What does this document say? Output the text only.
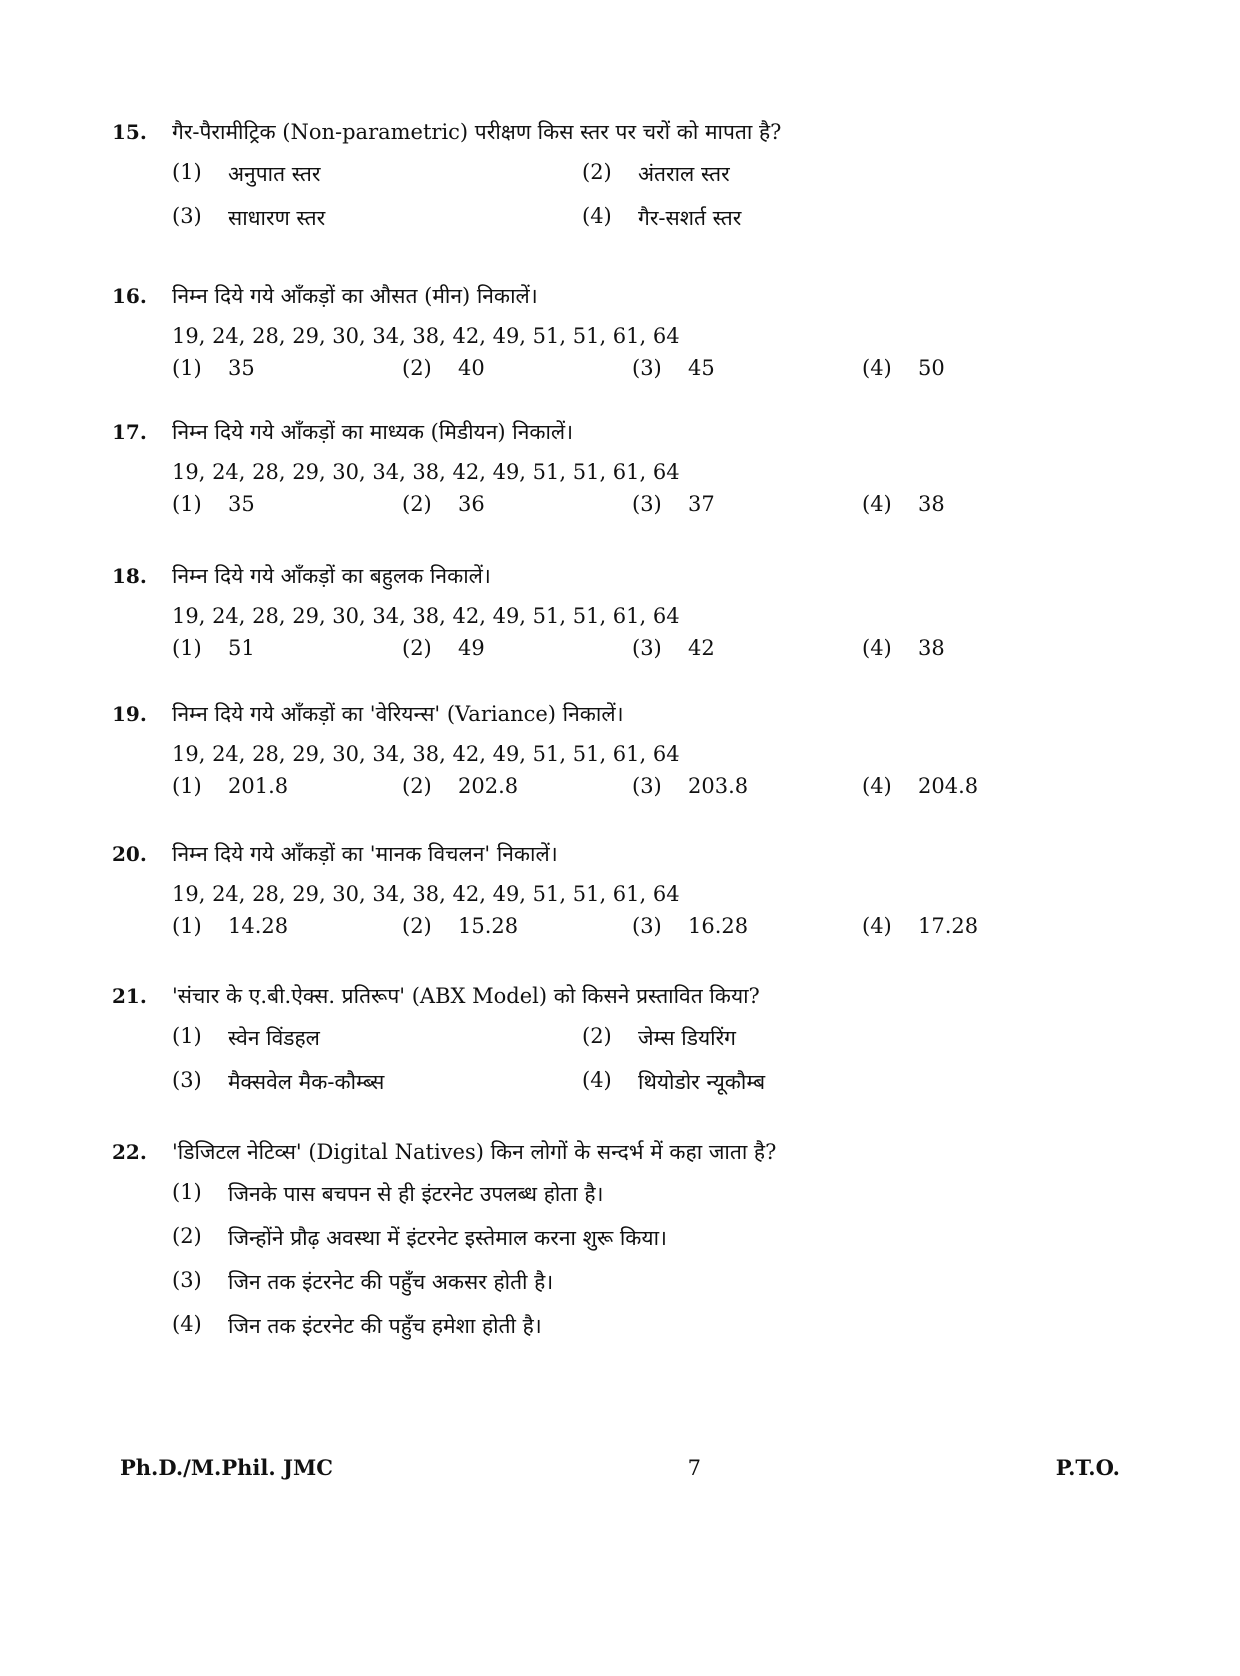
15.	गैर-पैरामीट्रिक (Non-parametric) परीक्षण किस स्तर पर चरों को मापता है?
(1)	अनुपात स्तर	(2)	अंतराल स्तर
(3)	साधारण स्तर	(4)	गैर-सशर्त स्तर
16.	निम्न दिये गये आँकड़ों का औसत (मीन) निकालें।
19, 24, 28, 29, 30, 34, 38, 42, 49, 51, 51, 61, 64
(1)	35	(2)	40	(3)	45	(4)	50
17.	निम्न दिये गये आँकड़ों का माध्यक (मिडीयन) निकालें।
19, 24, 28, 29, 30, 34, 38, 42, 49, 51, 51, 61, 64
(1)	35	(2)	36	(3)	37	(4)	38
18.	निम्न दिये गये आँकड़ों का बहुलक निकालें।
19, 24, 28, 29, 30, 34, 38, 42, 49, 51, 51, 61, 64
(1)	51	(2)	49	(3)	42	(4)	38
19.	निम्न दिये गये आँकड़ों का 'वेरियन्स' (Variance) निकालें।
19, 24, 28, 29, 30, 34, 38, 42, 49, 51, 51, 61, 64
(1)	201.8	(2)	202.8	(3)	203.8	(4)	204.8
20.	निम्न दिये गये आँकड़ों का 'मानक विचलन' निकालें।
19, 24, 28, 29, 30, 34, 38, 42, 49, 51, 51, 61, 64
(1)	14.28	(2)	15.28	(3)	16.28	(4)	17.28
21.	'संचार के ए.बी.ऐक्स. प्रतिरूप' (ABX Model) को किसने प्रस्तावित किया?
(1)	स्वेन विंडहल	(2)	जेम्स डियरिंग
(3)	मैक्सवेल मैक-कौम्ब्स	(4)	थियोडोर न्यूकौम्ब
22.	'डिजिटल नेटिव्स' (Digital Natives) किन लोगों के सन्दर्भ में कहा जाता है?
(1)	जिनके पास बचपन से ही इंटरनेट उपलब्ध होता है।
(2)	जिन्होंने प्रौढ़ अवस्था में इंटरनेट इस्तेमाल करना शुरू किया।
(3)	जिन तक इंटरनेट की पहुँच अकसर होती है।
(4)	जिन तक इंटरनेट की पहुँच हमेशा होती है।
Ph.D./M.Phil. JMC	7	P.T.O.
